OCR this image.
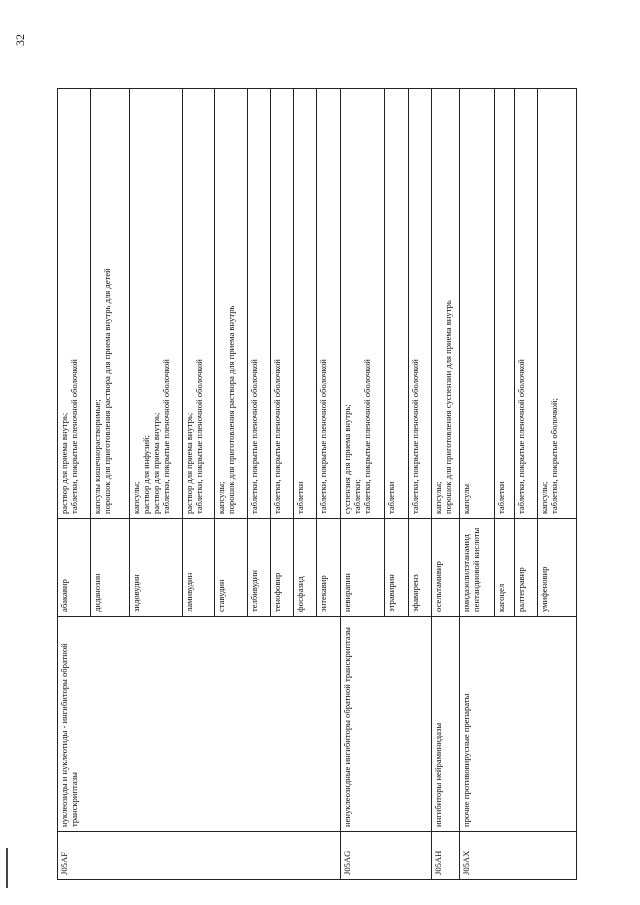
32
J05AF	нуклеозиды и нуклеотиды - ингибиторы обратной транскриптазы	абакавир	раствор для приема внутрь;
таблетки, покрытые пленочной оболочкой
		диданозин	капсулы кишечнорастворимые;
порошок для приготовления раствора для приема внутрь для детей
		зидовудин	капсулы;
раствор для инфузий;
раствор для приема внутрь;
таблетки, покрытые пленочной оболочкой
		ламивудин	раствор для приема внутрь;
таблетки, покрытые пленочной оболочкой
		ставудин	капсулы;
порошок для приготовления раствора для приема внутрь
		телбивудин	таблетки, покрытые пленочной оболочкой
		тенофовир	таблетки, покрытые пленочной оболочкой
		фосфазид	таблетки
		энтекавир	таблетки, покрытые пленочной оболочкой
J05AG	ненуклеозидные ингибиторы обратной транскриптазы	невирапин	суспензия для приема внутрь;
таблетки;
таблетки, покрытые пленочной оболочкой
		этравирин	таблетки
		эфавиренз	таблетки, покрытые пленочной оболочкой
J05AH	ингибиторы нейраминидазы	осельтамивир	капсулы;
порошок для приготовления суспензии для приема внутрь
J05AX	прочие противовирусные препараты	имидазолилэтанамид пентандиовой кислоты	капсулы
		кагоцел	таблетки
		ралтегравир	таблетки, покрытые пленочной оболочкой
		умифеновир	капсулы;
таблетки, покрытые оболочкой;
